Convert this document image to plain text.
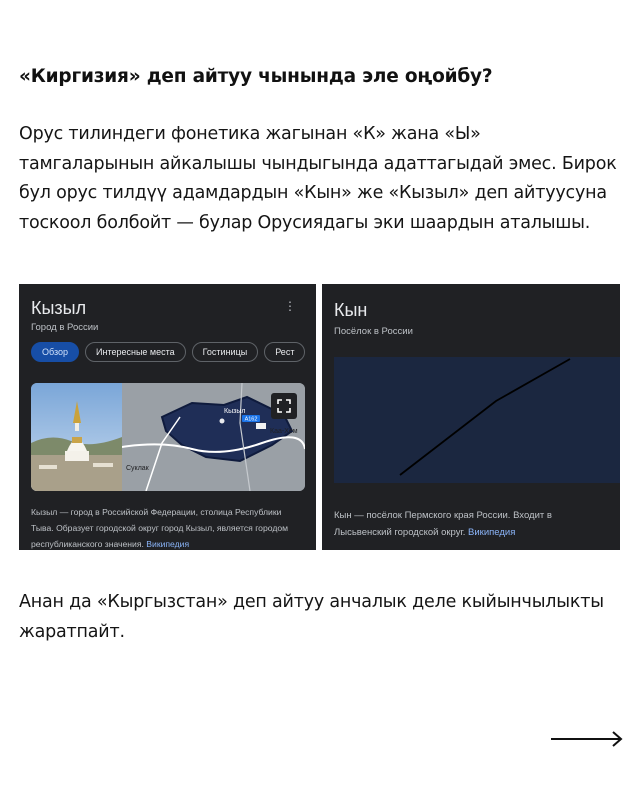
«Киргизия» деп айтуу чынында эле оңойбу?
Орус тилиндеги фонетика жагынан «К» жана «Ы» тамгаларынын айкалышы чындыгында адаттагыдай эмес. Бирок бул орус тилдүү адамдардын «Кын» же «Кызыл» деп айтуусуна тоскоол болбойт — булар Орусиядагы эки шаардын аталышы.
Кызыл
Город в России
⋮
Обзор	Интересные места	Гостиницы	Рест
А162
Кызыл
Каа-Хем
Суклак
Кызыл — город в Российской Федерации, столица Республики Тыва. Образует городской округ город Кызыл, является городом республиканского значения. Википедия
Кын
Посёлок в России
Кын — посёлок Пермского края России. Входит в Лысьвенский городской округ. Википедия
Анан да «Кыргызстан» деп айтуу анчалык деле кыйынчылыкты жаратпайт.
